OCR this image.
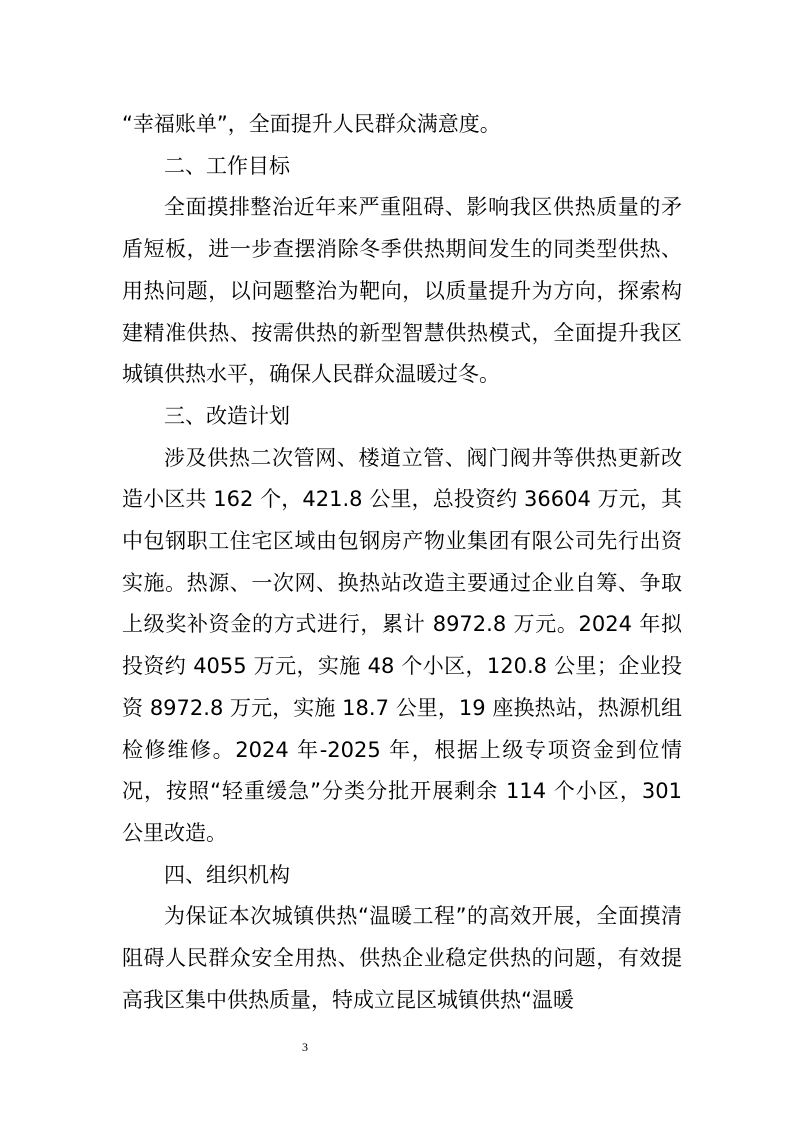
“幸福账单”，全面提升人民群众满意度。

二、工作目标

全面摸排整治近年来严重阻碍、影响我区供热质量的矛盾短板，进一步查摆消除冬季供热期间发生的同类型供热、用热问题，以问题整治为靶向，以质量提升为方向，探索构建精准供热、按需供热的新型智慧供热模式，全面提升我区城镇供热水平，确保人民群众温暖过冬。

三、改造计划

涉及供热二次管网、楼道立管、阀门阀井等供热更新改造小区共 162 个，421.8 公里，总投资约 36604 万元，其中包钢职工住宅区域由包钢房产物业集团有限公司先行出资实施。热源、一次网、换热站改造主要通过企业自筹、争取上级奖补资金的方式进行，累计 8972.8 万元。2024 年拟投资约 4055 万元，实施 48 个小区，120.8 公里；企业投资 8972.8 万元，实施 18.7 公里，19 座换热站，热源机组检修维修。2024 年-2025 年，根据上级专项资金到位情况，按照“轻重缓急”分类分批开展剩余 114 个小区，301 公里改造。

四、组织机构

为保证本次城镇供热“温暖工程”的高效开展，全面摸清阻碍人民群众安全用热、供热企业稳定供热的问题，有效提高我区集中供热质量，特成立昆区城镇供热“温暖

3
